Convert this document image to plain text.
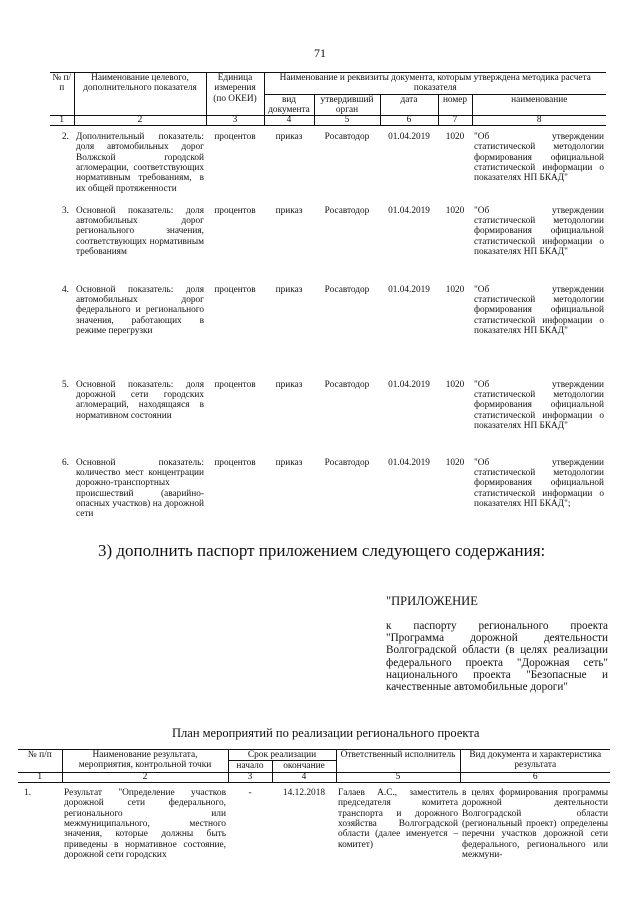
71
№ п/п	Наименование целевого, дополнительного показателя	Единица измерения (по ОКЕИ)	Наименование и реквизиты документа, которым утверждена методика расчета показателя				
			вид документа	утвердивший орган	дата	номер	наименование
1	2	3	4	5	6	7	8
2.	Дополнительный показатель: доля автомобильных дорог Волжской городской агломерации, соответствующих нормативным требованиям, в их общей протяженности	процентов	приказ	Росавтодор	01.04.2019	1020	"Об утверждении статистической методологии формирования официальной статистической информации о показателях НП БКАД"
3.	Основной показатель: доля автомобильных дорог регионального значения, соответствующих нормативным требованиям	процентов	приказ	Росавтодор	01.04.2019	1020	"Об утверждении статистической методологии формирования официальной статистической информации о показателях НП БКАД"
4.	Основной показатель: доля автомобильных дорог федерального и регионального значения, работающих в режиме перегрузки	процентов	приказ	Росавтодор	01.04.2019	1020	"Об утверждении статистической методологии формирования официальной статистической информации о показателях НП БКАД"
5.	Основной показатель: доля дорожной сети городских агломераций, находящаяся в нормативном состоянии	процентов	приказ	Росавтодор	01.04.2019	1020	"Об утверждении статистической методологии формирования официальной статистической информации о показателях НП БКАД"
6.	Основной показатель: количество мест концентрации дорожно-транспортных происшествий (аварийно-опасных участков) на дорожной сети	процентов	приказ	Росавтодор	01.04.2019	1020	"Об утверждении статистической методологии формирования официальной статистической информации о показателях НП БКАД";
3) дополнить паспорт приложением следующего содержания:
"ПРИЛОЖЕНИЕ
к паспорту регионального проекта "Программа дорожной деятельности Волгоградской области (в целях реализации федерального проекта "Дорожная сеть" национального проекта "Безопасные и качественные автомобильные дороги"
План мероприятий по реализации регионального проекта
№ п/п	Наименование результата, мероприятия, контрольной точки	Срок реализации		Ответственный исполнитель	Вид документа и характеристика результата
		начало	окончание		
1	2	3	4	5	6
1.	Результат "Определение участков дорожной сети федерального, регионального или межмуниципального, местного значения, которые должны быть приведены в нормативное состояние, дорожной сети городских	-	14.12.2018	Галаев А.С., заместитель председателя комитета транспорта и дорожного хозяйства Волгоградской области (далее именуется – комитет)	в целях формирования программы дорожной деятельности Волгоградской области (региональный проект) определены перечни участков дорожной сети федерального, регионального или межмуни-
